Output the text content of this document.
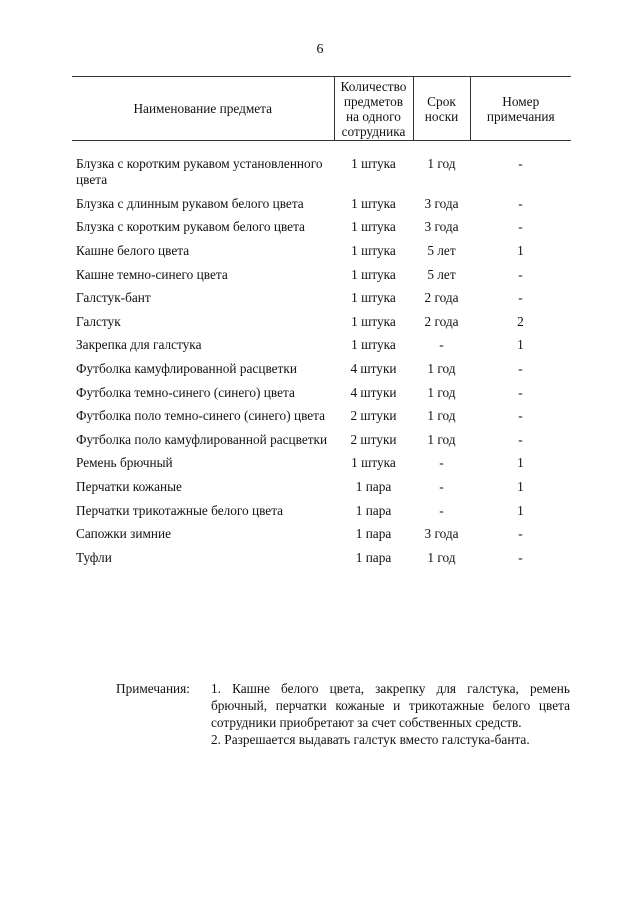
6
Наименование предмета	Количество предметов на одного сотрудника	Срок носки	Номер примечания

Блузка с коротким рукавом установленного цвета	1 штука	1 год	-
Блузка с длинным рукавом белого цвета	1 штука	3 года	-
Блузка с коротким рукавом белого цвета	1 штука	3 года	-
Кашне белого цвета	1 штука	5 лет	1
Кашне темно-синего цвета	1 штука	5 лет	-
Галстук-бант	1 штука	2 года	-
Галстук	1 штука	2 года	2
Закрепка для галстука	1 штука	-	1
Футболка камуфлированной расцветки	4 штуки	1 год	-
Футболка темно-синего (синего) цвета	4 штуки	1 год	-
Футболка поло темно-синего (синего) цвета	2 штуки	1 год	-
Футболка поло камуфлированной расцветки	2 штуки	1 год	-
Ремень брючный	1 штука	-	1
Перчатки кожаные	1 пара	-	1
Перчатки трикотажные белого цвета	1 пара	-	1
Сапожки зимние	1 пара	3 года	-
Туфли	1 пара	1 год	-
Примечания: 1. Кашне белого цвета, закрепку для галстука, ремень брючный, перчатки кожаные и трикотажные белого цвета сотрудники приобретают за счет собственных средств.

2. Разрешается выдавать галстук вместо галстука-банта.
